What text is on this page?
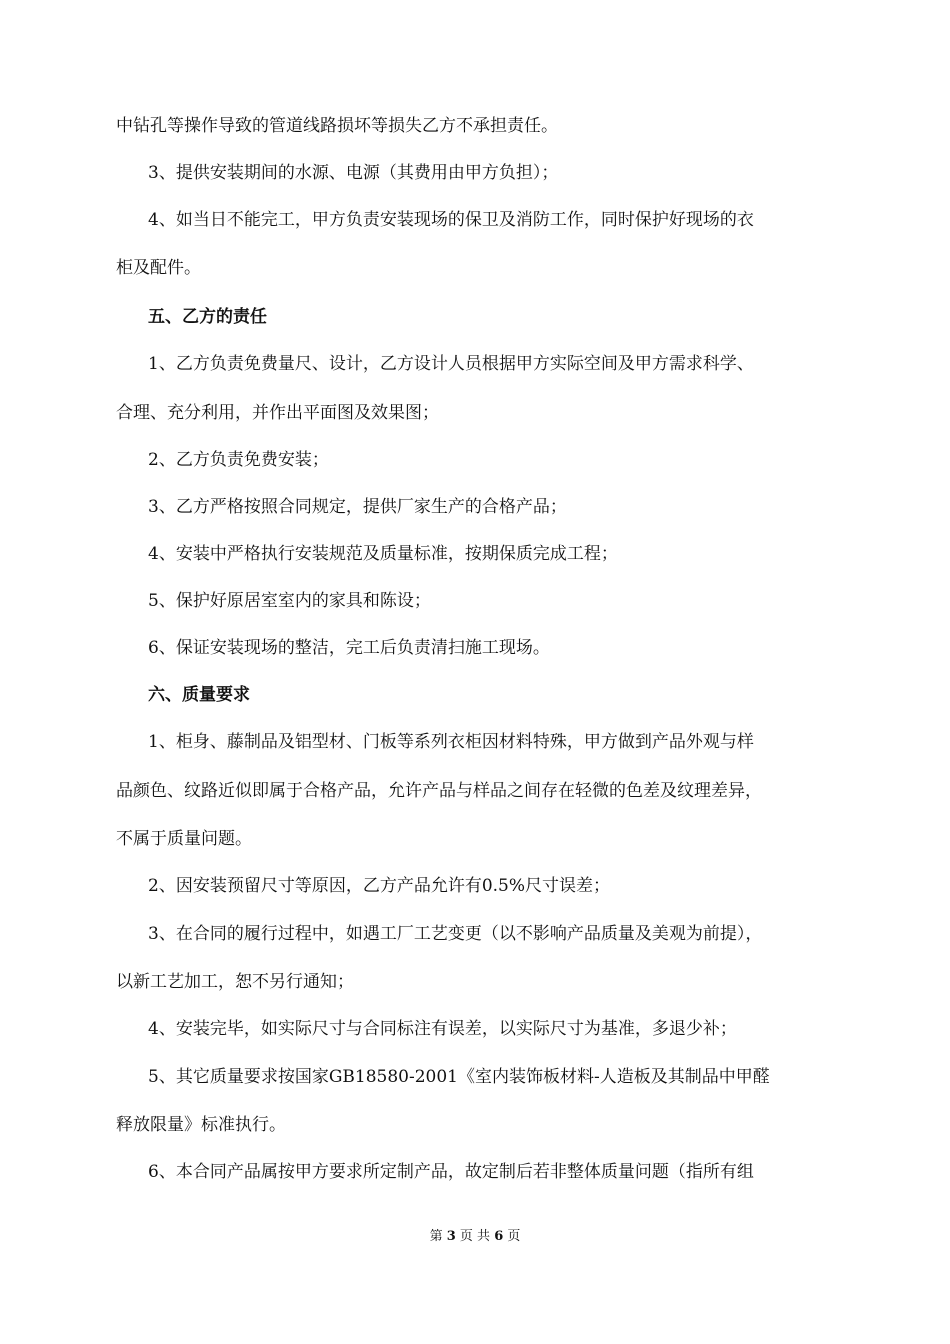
中钻孔等操作导致的管道线路损坏等损失乙方不承担责任。
3、提供安装期间的水源、电源（其费用由甲方负担）；
4、如当日不能完工，甲方负责安装现场的保卫及消防工作，同时保护好现场的衣
柜及配件。
五、乙方的责任
1、乙方负责免费量尺、设计，乙方设计人员根据甲方实际空间及甲方需求科学、
合理、充分利用，并作出平面图及效果图；
2、乙方负责免费安装；
3、乙方严格按照合同规定，提供厂家生产的合格产品；
4、安装中严格执行安装规范及质量标准，按期保质完成工程；
5、保护好原居室室内的家具和陈设；
6、保证安装现场的整洁，完工后负责清扫施工现场。
六、质量要求
1、柜身、藤制品及铝型材、门板等系列衣柜因材料特殊，甲方做到产品外观与样
品颜色、纹路近似即属于合格产品，允许产品与样品之间存在轻微的色差及纹理差异，
不属于质量问题。
2、因安装预留尺寸等原因，乙方产品允许有0.5%尺寸误差；
3、在合同的履行过程中，如遇工厂工艺变更（以不影响产品质量及美观为前提），
以新工艺加工，恕不另行通知；
4、安装完毕，如实际尺寸与合同标注有误差，以实际尺寸为基准，多退少补；
5、其它质量要求按国家GB18580-2001《室内装饰板材料-人造板及其制品中甲醛
释放限量》标准执行。
6、本合同产品属按甲方要求所定制产品，故定制后若非整体质量问题（指所有组
第 3 页 共 6 页
